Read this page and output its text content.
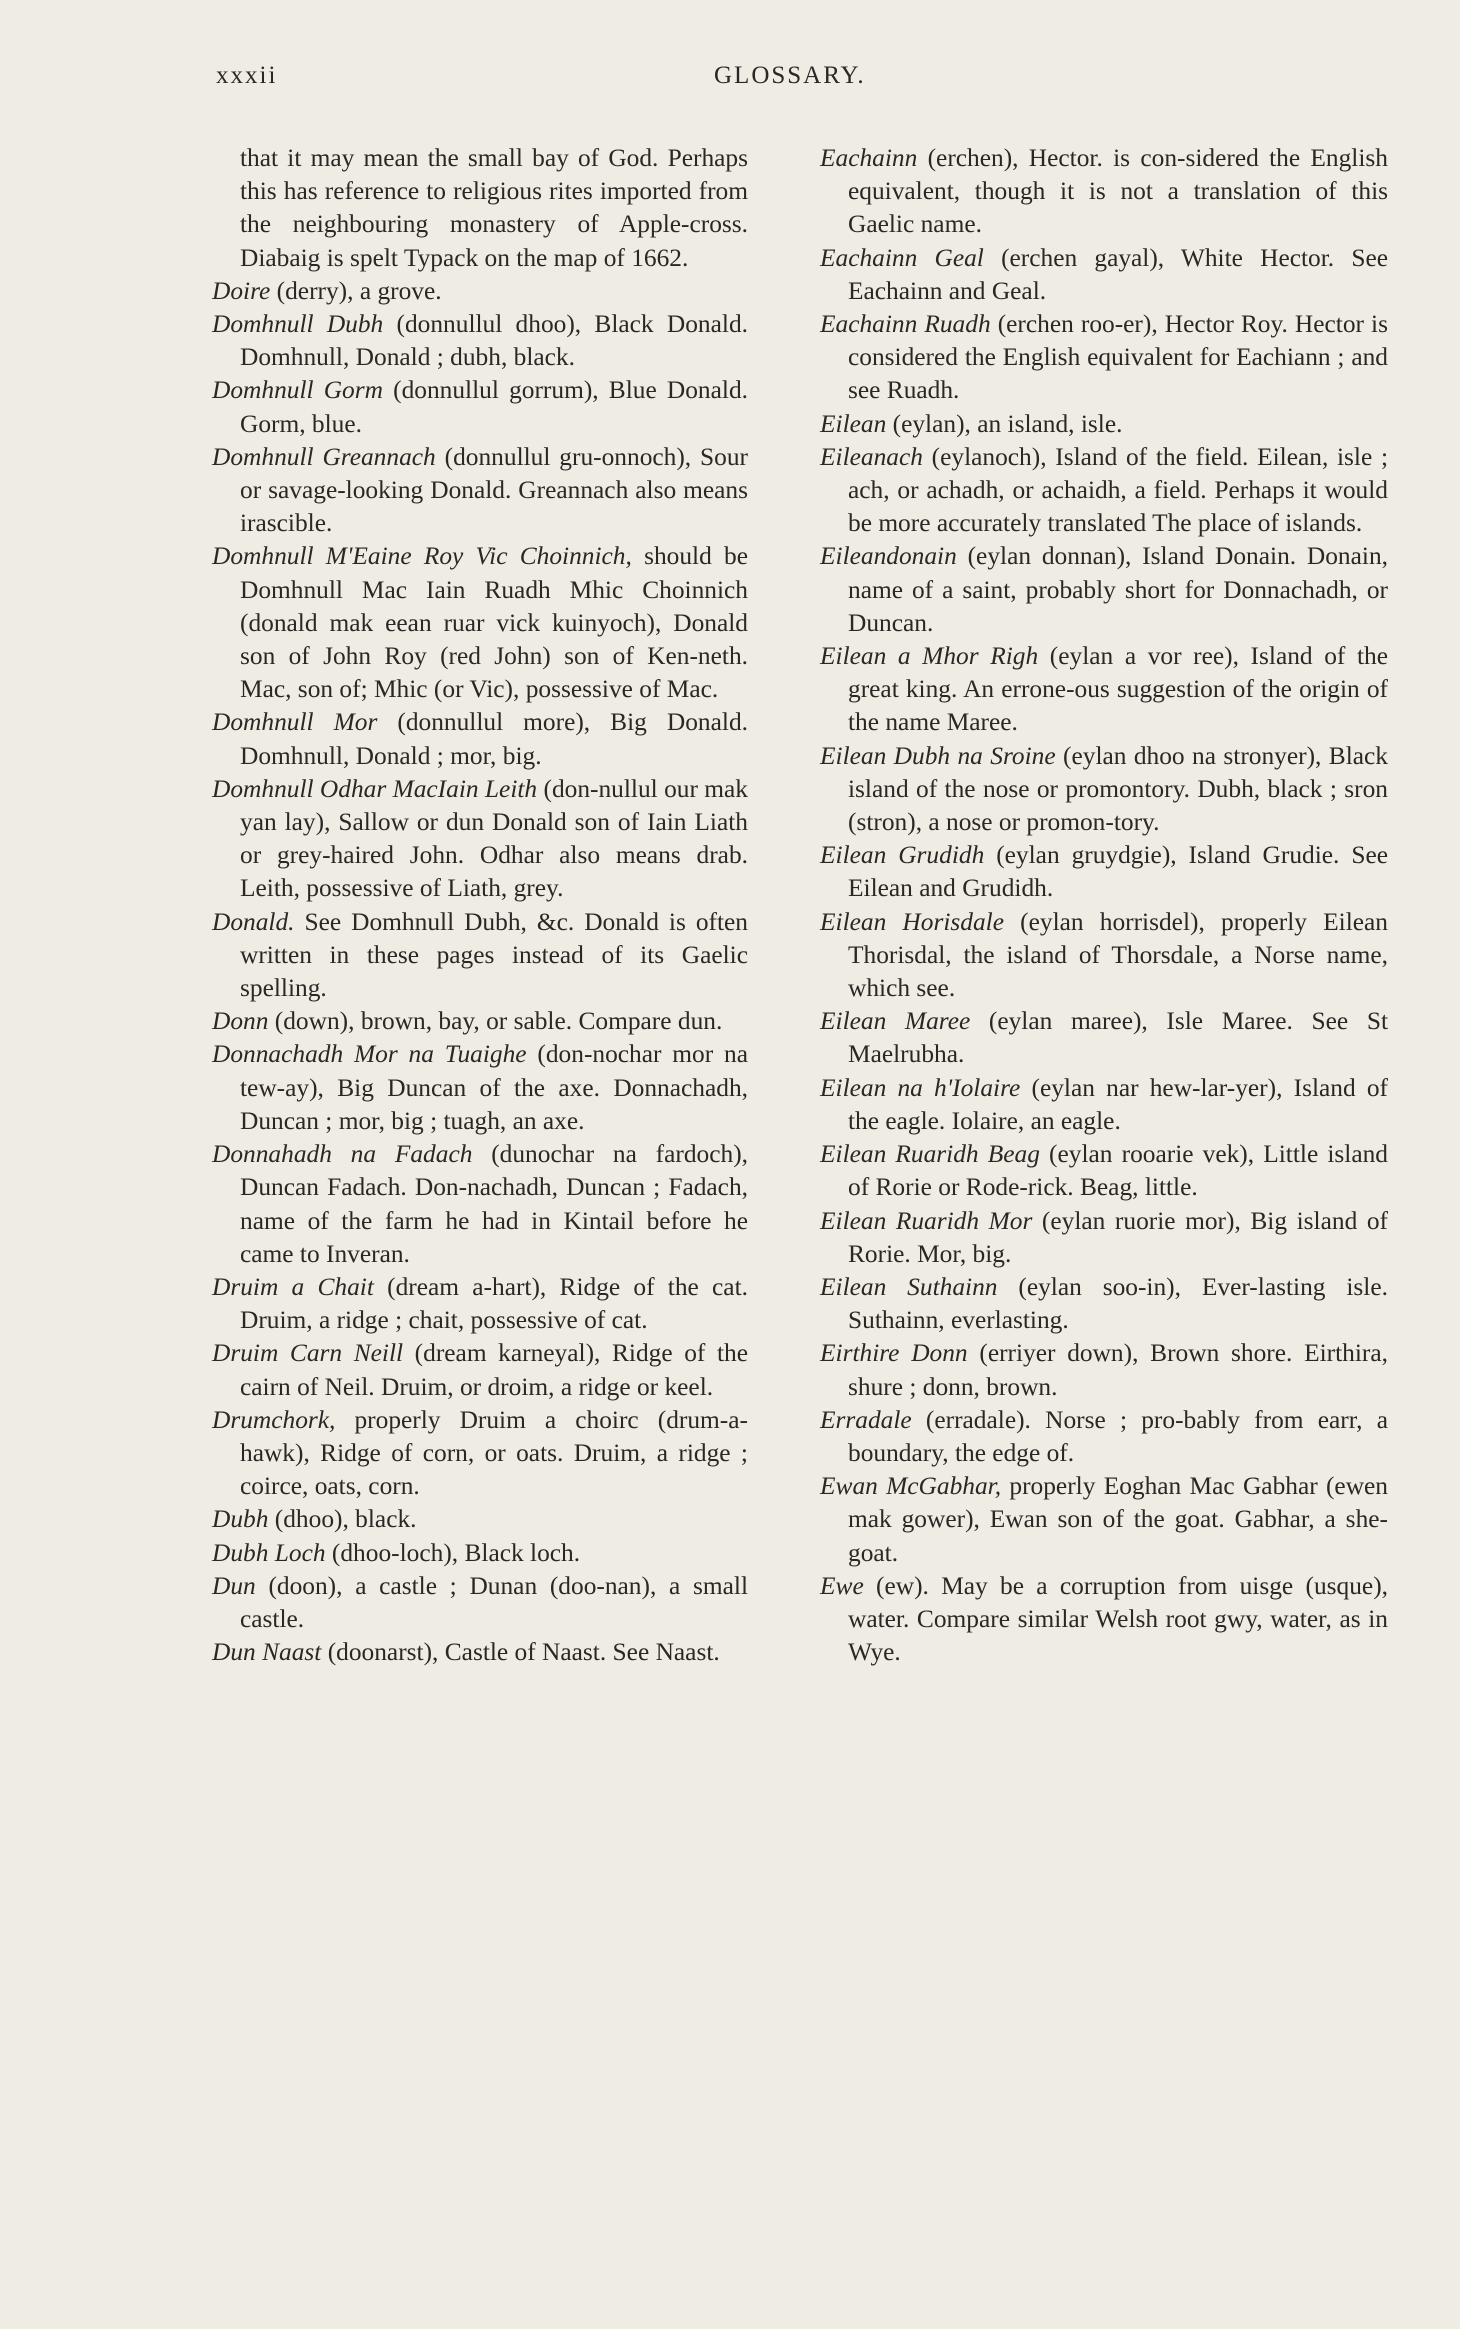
xxxii	GLOSSARY.

that it may mean the small bay of God. Perhaps this has reference to religious rites imported from the neighbouring monastery of Apple-cross. Diabaig is spelt Typack on the map of 1662.

Doire (derry), a grove.

Domhnull Dubh (donnullul dhoo), Black Donald. Domhnull, Donald ; dubh, black.

Domhnull Gorm (donnullul gorrum), Blue Donald. Gorm, blue.

Domhnull Greannach (donnullul gru-onnoch), Sour or savage-looking Donald. Greannach also means irascible.

Domhnull M'Eaine Roy Vic Choinnich, should be Domhnull Mac Iain Ruadh Mhic Choinnich (donald mak eean ruar vick kuinyoch), Donald son of John Roy (red John) son of Ken-neth. Mac, son of; Mhic (or Vic), possessive of Mac.

Domhnull Mor (donnullul more), Big Donald. Domhnull, Donald ; mor, big.

Domhnull Odhar MacIain Leith (don-nullul our mak yan lay), Sallow or dun Donald son of Iain Liath or grey-haired John. Odhar also means drab. Leith, possessive of Liath, grey.

Donald. See Domhnull Dubh, &c. Donald is often written in these pages instead of its Gaelic spelling.

Donn (down), brown, bay, or sable. Compare dun.

Donnachadh Mor na Tuaighe (don-nochar mor na tew-ay), Big Duncan of the axe. Donnachadh, Duncan ; mor, big ; tuagh, an axe.

Donnahadh na Fadach (dunochar na fardoch), Duncan Fadach. Don-nachadh, Duncan ; Fadach, name of the farm he had in Kintail before he came to Inveran.

Druim a Chait (dream a-hart), Ridge of the cat. Druim, a ridge ; chait, possessive of cat.

Druim Carn Neill (dream karneyal), Ridge of the cairn of Neil. Druim, or droim, a ridge or keel.

Drumchork, properly Druim a choirc (drum-a-hawk), Ridge of corn, or oats. Druim, a ridge ; coirce, oats, corn.

Dubh (dhoo), black.

Dubh Loch (dhoo-loch), Black loch.

Dun (doon), a castle ; Dunan (doo-nan), a small castle.

Dun Naast (doonarst), Castle of Naast. See Naast.

Eachainn (erchen), Hector. is con-sidered the English equivalent, though it is not a translation of this Gaelic name.

Eachainn Geal (erchen gayal), White Hector. See Eachainn and Geal.

Eachainn Ruadh (erchen roo-er), Hector Roy. Hector is considered the English equivalent for Eachiann ; and see Ruadh.

Eilean (eylan), an island, isle.

Eileanach (eylanoch), Island of the field. Eilean, isle ; ach, or achadh, or achaidh, a field. Perhaps it would be more accurately translated The place of islands.

Eileandonain (eylan donnan), Island Donain. Donain, name of a saint, probably short for Donnachadh, or Duncan.

Eilean a Mhor Righ (eylan a vor ree), Island of the great king. An errone-ous suggestion of the origin of the name Maree.

Eilean Dubh na Sroine (eylan dhoo na stronyer), Black island of the nose or promontory. Dubh, black ; sron (stron), a nose or promon-tory.

Eilean Grudidh (eylan gruydgie), Island Grudie. See Eilean and Grudidh.

Eilean Horisdale (eylan horrisdel), properly Eilean Thorisdal, the island of Thorsdale, a Norse name, which see.

Eilean Maree (eylan maree), Isle Maree. See St Maelrubha.

Eilean na h'Iolaire (eylan nar hew-lar-yer), Island of the eagle. Iolaire, an eagle.

Eilean Ruaridh Beag (eylan rooarie vek), Little island of Rorie or Rode-rick. Beag, little.

Eilean Ruaridh Mor (eylan ruorie mor), Big island of Rorie. Mor, big.

Eilean Suthainn (eylan soo-in), Ever-lasting isle. Suthainn, everlasting.

Eirthire Donn (erriyer down), Brown shore. Eirthira, shure ; donn, brown.

Erradale (erradale). Norse ; pro-bably from earr, a boundary, the edge of.

Ewan McGabhar, properly Eoghan Mac Gabhar (ewen mak gower), Ewan son of the goat. Gabhar, a she-goat.

Ewe (ew). May be a corruption from uisge (usque), water. Compare similar Welsh root gwy, water, as in Wye.
